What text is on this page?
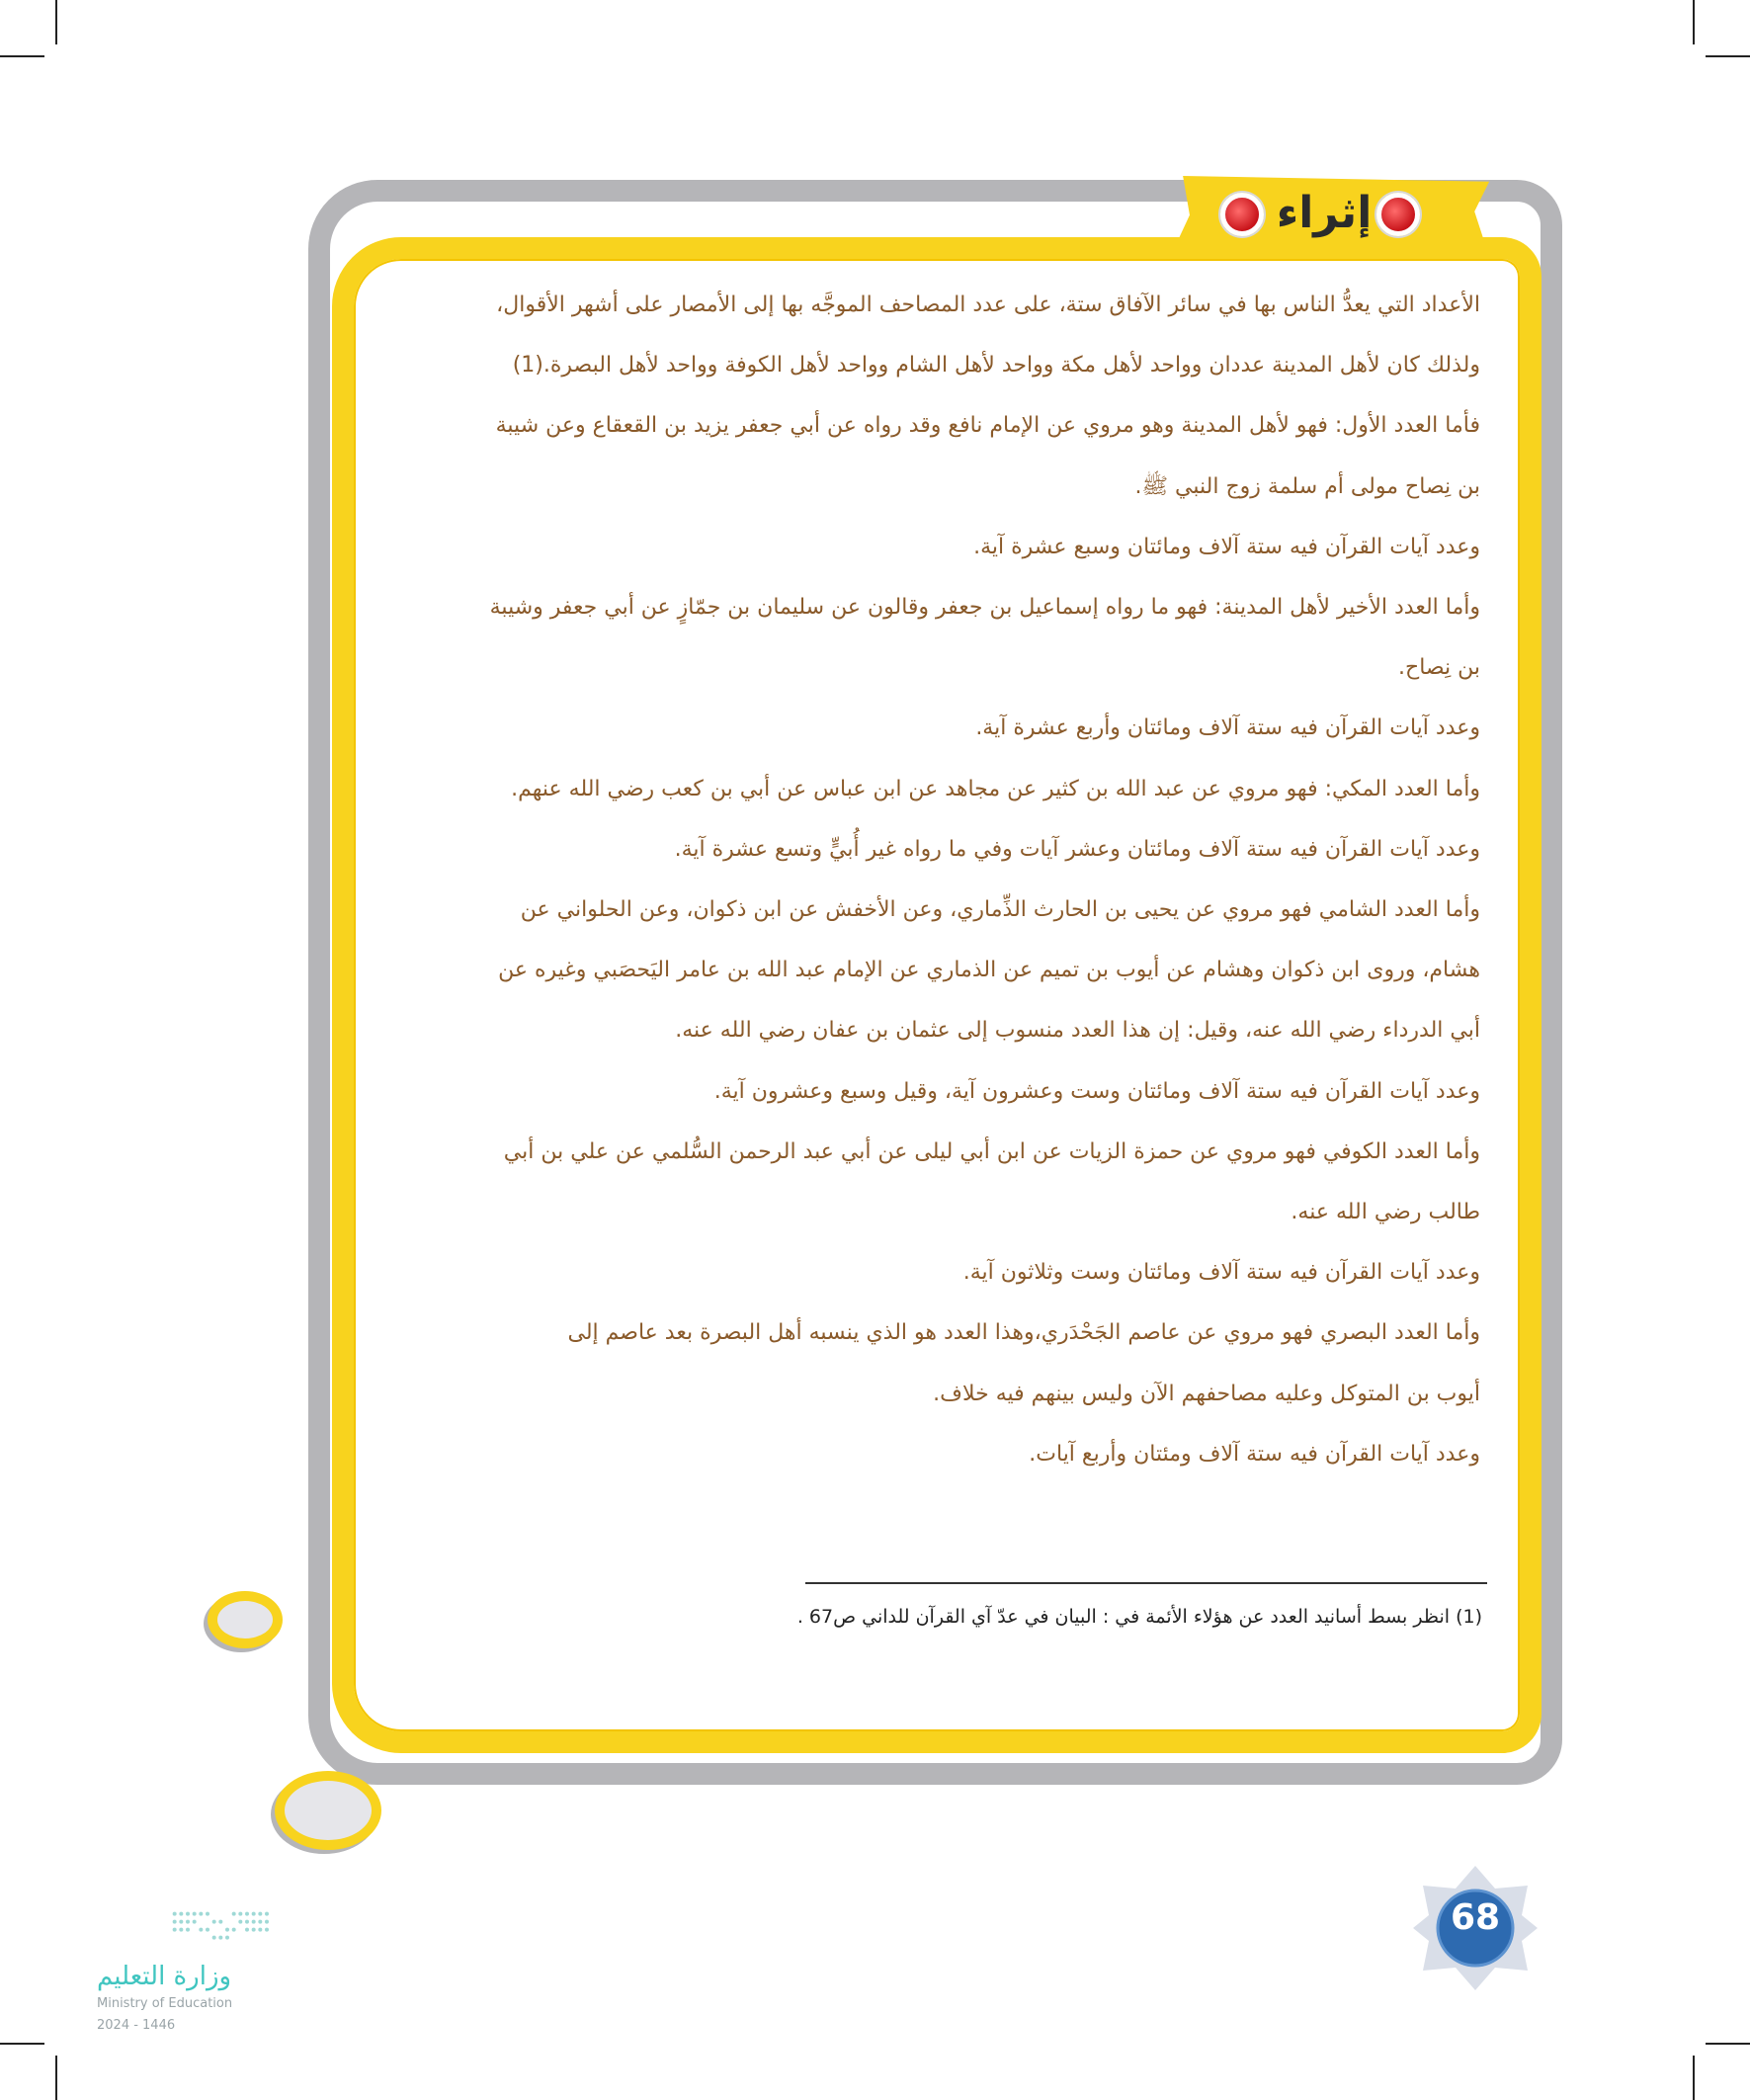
إثراء

الأعداد التي يعدُّ الناس بها في سائر الآفاق ستة، على عدد المصاحف الموجَّه بها إلى الأمصار على أشهر الأقوال،

ولذلك كان لأهل المدينة عددان وواحد لأهل مكة وواحد لأهل الشام وواحد لأهل الكوفة وواحد لأهل البصرة.(1)

فأما العدد الأول: فهو لأهل المدينة وهو مروي عن الإمام نافع وقد رواه عن أبي جعفر يزيد بن القعقاع وعن شيبة

بن نِصاح مولى أم سلمة زوج النبي ﷺ.

وعدد آيات القرآن فيه ستة آلاف ومائتان وسبع عشرة آية.

وأما العدد الأخير لأهل المدينة: فهو ما رواه إسماعيل بن جعفر وقالون عن سليمان بن جمّازٍ عن أبي جعفر وشيبة

بن نِصاح.

وعدد آيات القرآن فيه ستة آلاف ومائتان وأربع عشرة آية.

وأما العدد المكي: فهو مروي عن عبد الله بن كثير عن مجاهد عن ابن عباس عن أبي بن كعب رضي الله عنهم.

وعدد آيات القرآن فيه ستة آلاف ومائتان وعشر آيات وفي ما رواه غير أُبيٍّ وتسع عشرة آية.

وأما العدد الشامي فهو مروي عن يحيى بن الحارث الذِّماري، وعن الأخفش عن ابن ذكوان، وعن الحلواني عن

هشام، وروى ابن ذكوان وهشام عن أيوب بن تميم عن الذماري عن الإمام عبد الله بن عامر اليَحصَبي وغيره عن

أبي الدرداء رضي الله عنه، وقيل: إن هذا العدد منسوب إلى عثمان بن عفان رضي الله عنه.

وعدد آيات القرآن فيه ستة آلاف ومائتان وست وعشرون آية، وقيل وسبع وعشرون آية.

وأما العدد الكوفي فهو مروي عن حمزة الزيات عن ابن أبي ليلى عن أبي عبد الرحمن السُّلمي عن علي بن أبي

طالب رضي الله عنه.

وعدد آيات القرآن فيه ستة آلاف ومائتان وست وثلاثون آية.

وأما العدد البصري فهو مروي عن عاصم الجَحْدَري،وهذا العدد هو الذي ينسبه أهل البصرة بعد عاصم إلى

أيوب بن المتوكل وعليه مصاحفهم الآن وليس بينهم فيه خلاف.

وعدد آيات القرآن فيه ستة آلاف ومئتان وأربع آيات.

(1) انظر بسط أسانيد العدد عن هؤلاء الأئمة في : البيان في عدّ آي القرآن للداني ص67 .
68
وزارة التعليم
Ministry of Education
2024 - 1446
